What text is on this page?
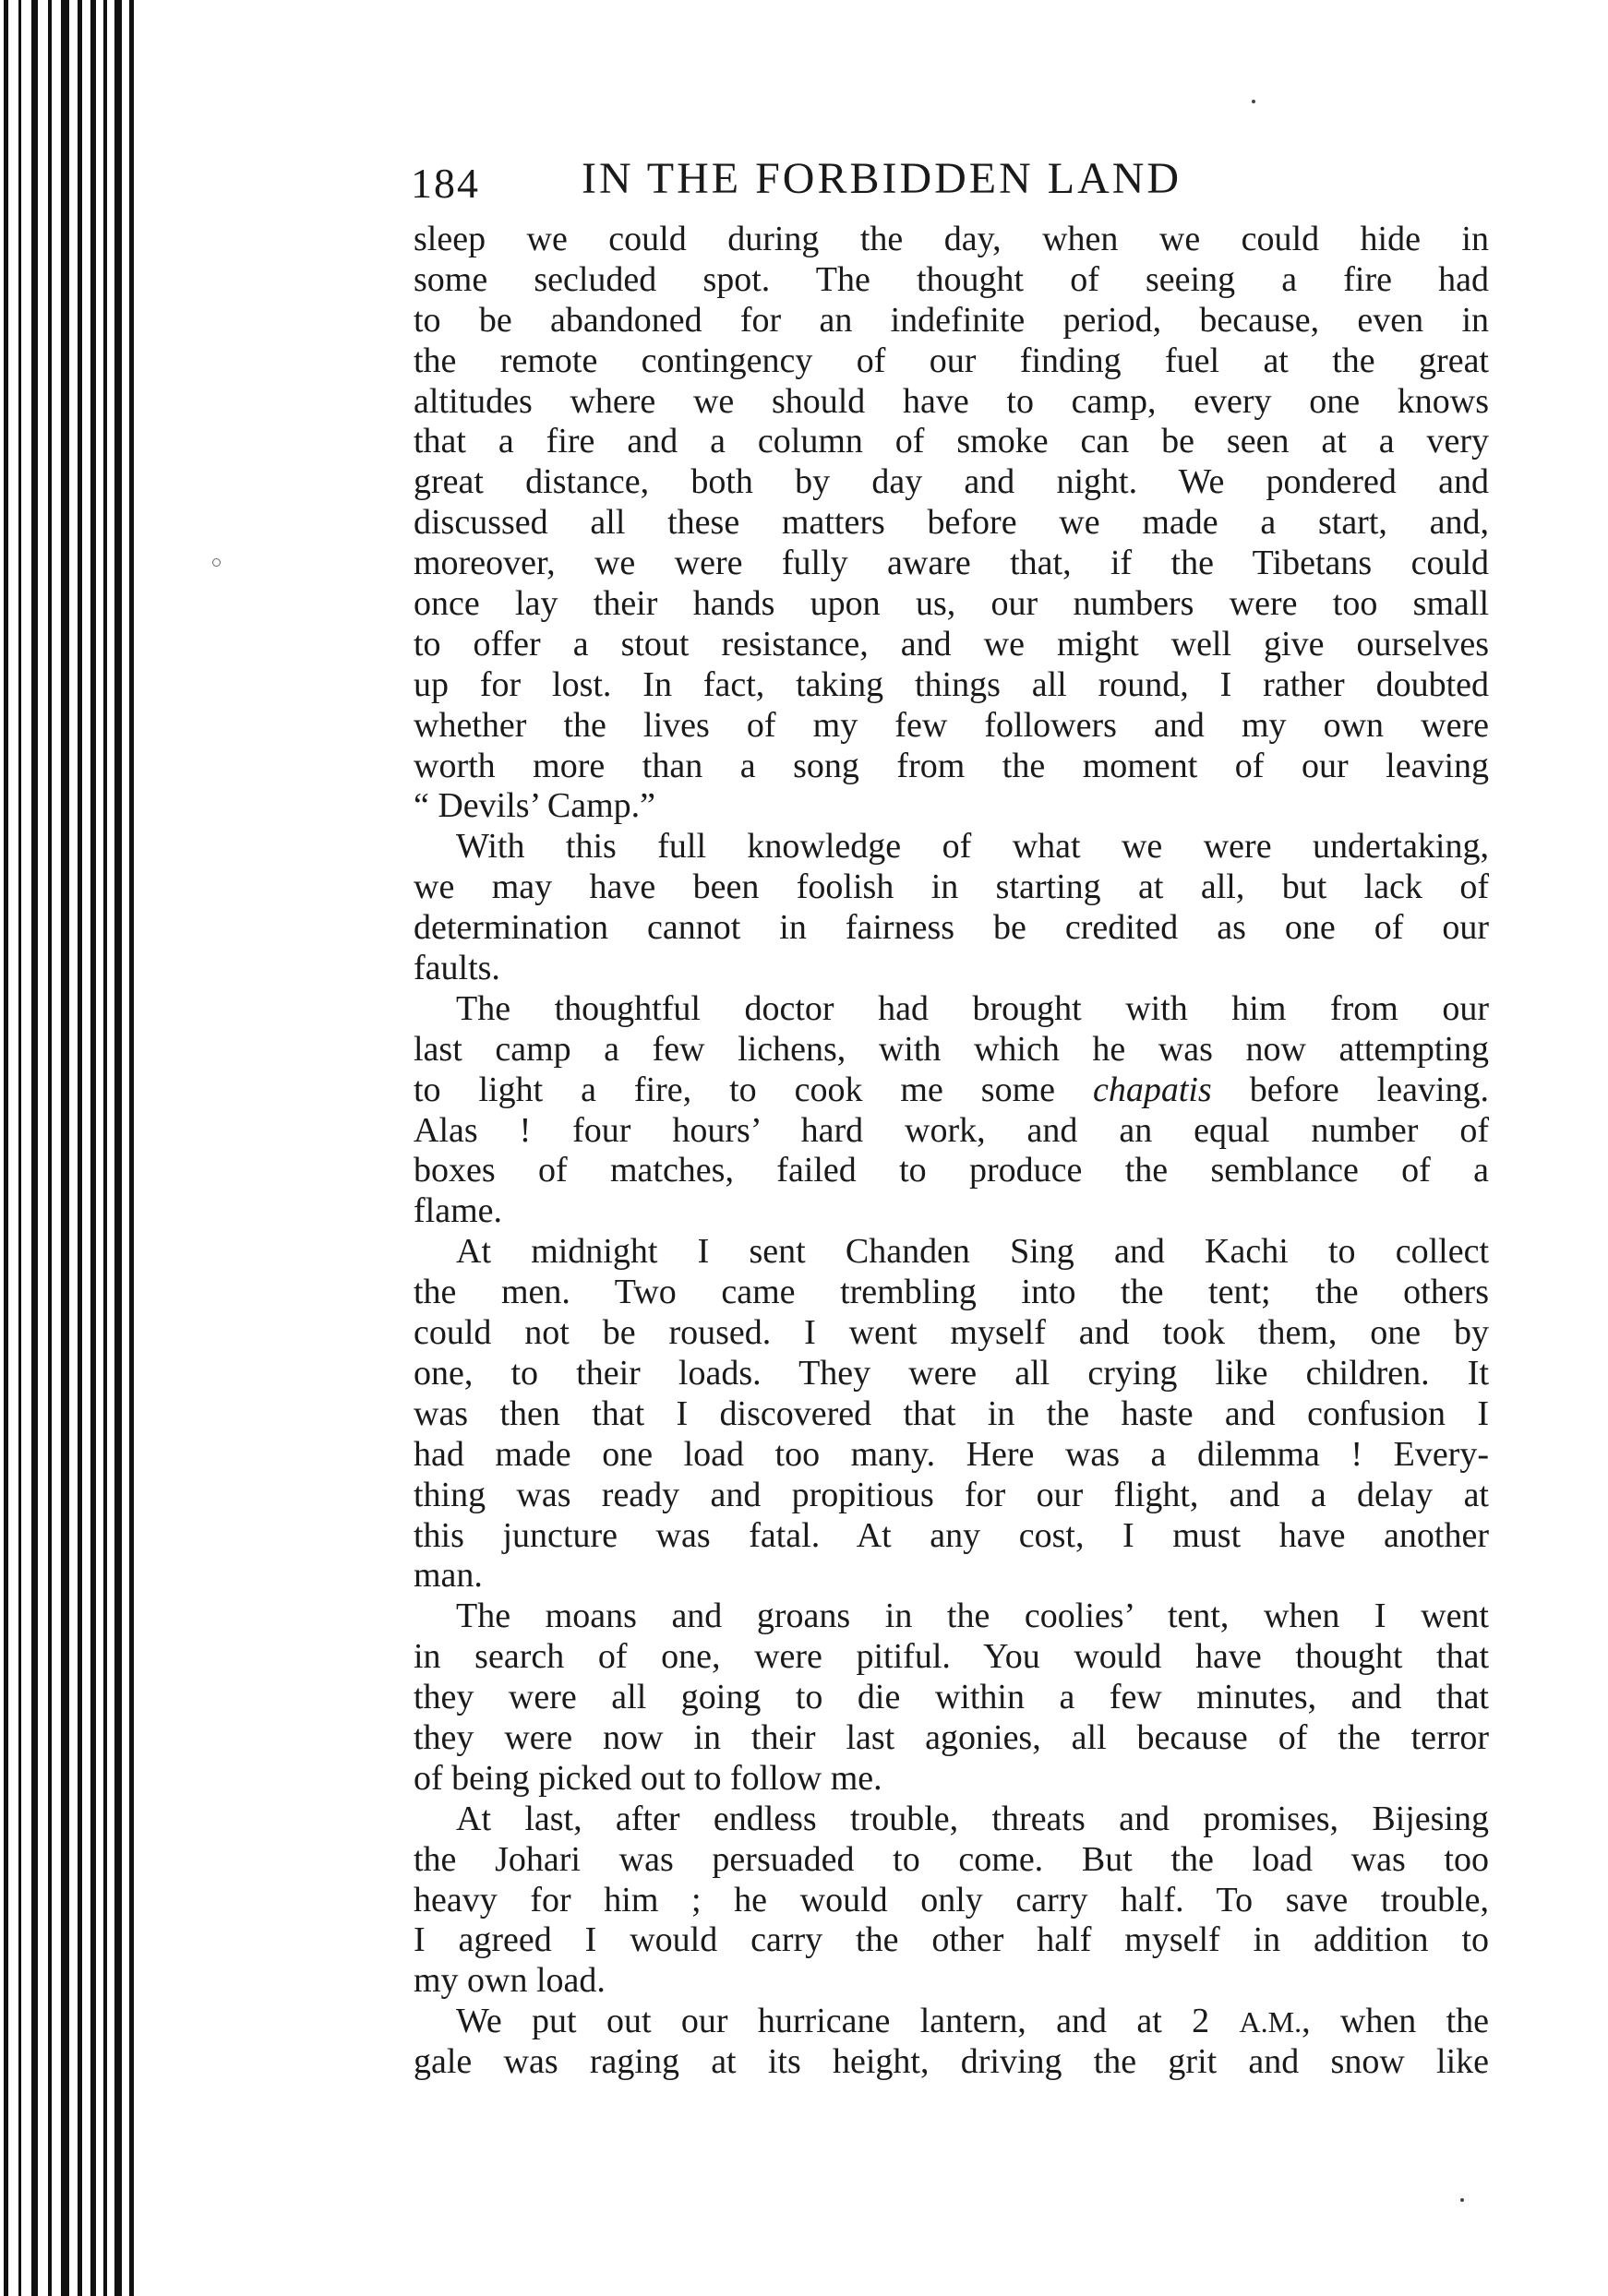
184 IN THE FORBIDDEN LAND
sleep we could during the day, when we could hide in
some secluded spot. The thought of seeing a fire had
to be abandoned for an indefinite period, because, even in
the remote contingency of our finding fuel at the great
altitudes where we should have to camp, every one knows
that a fire and a column of smoke can be seen at a very
great distance, both by day and night. We pondered and
discussed all these matters before we made a start, and,
moreover, we were fully aware that, if the Tibetans could
once lay their hands upon us, our numbers were too small
to offer a stout resistance, and we might well give ourselves
up for lost. In fact, taking things all round, I rather doubted
whether the lives of my few followers and my own were
worth more than a song from the moment of our leaving
“ Devils’ Camp.”
With this full knowledge of what we were undertaking,
we may have been foolish in starting at all, but lack of
determination cannot in fairness be credited as one of our
faults.
The thoughtful doctor had brought with him from our
last camp a few lichens, with which he was now attempting
to light a fire, to cook me some chapatis before leaving.
Alas ! four hours’ hard work, and an equal number of
boxes of matches, failed to produce the semblance of a
flame.
At midnight I sent Chanden Sing and Kachi to collect
the men. Two came trembling into the tent; the others
could not be roused. I went myself and took them, one by
one, to their loads. They were all crying like children. It
was then that I discovered that in the haste and confusion I
had made one load too many. Here was a dilemma ! Every-
thing was ready and propitious for our flight, and a delay at
this juncture was fatal. At any cost, I must have another
man.
The moans and groans in the coolies’ tent, when I went
in search of one, were pitiful. You would have thought that
they were all going to die within a few minutes, and that
they were now in their last agonies, all because of the terror
of being picked out to follow me.
At last, after endless trouble, threats and promises, Bijesing
the Johari was persuaded to come. But the load was too
heavy for him ; he would only carry half. To save trouble,
I agreed I would carry the other half myself in addition to
my own load.
We put out our hurricane lantern, and at 2 A.M., when the
gale was raging at its height, driving the grit and snow like
